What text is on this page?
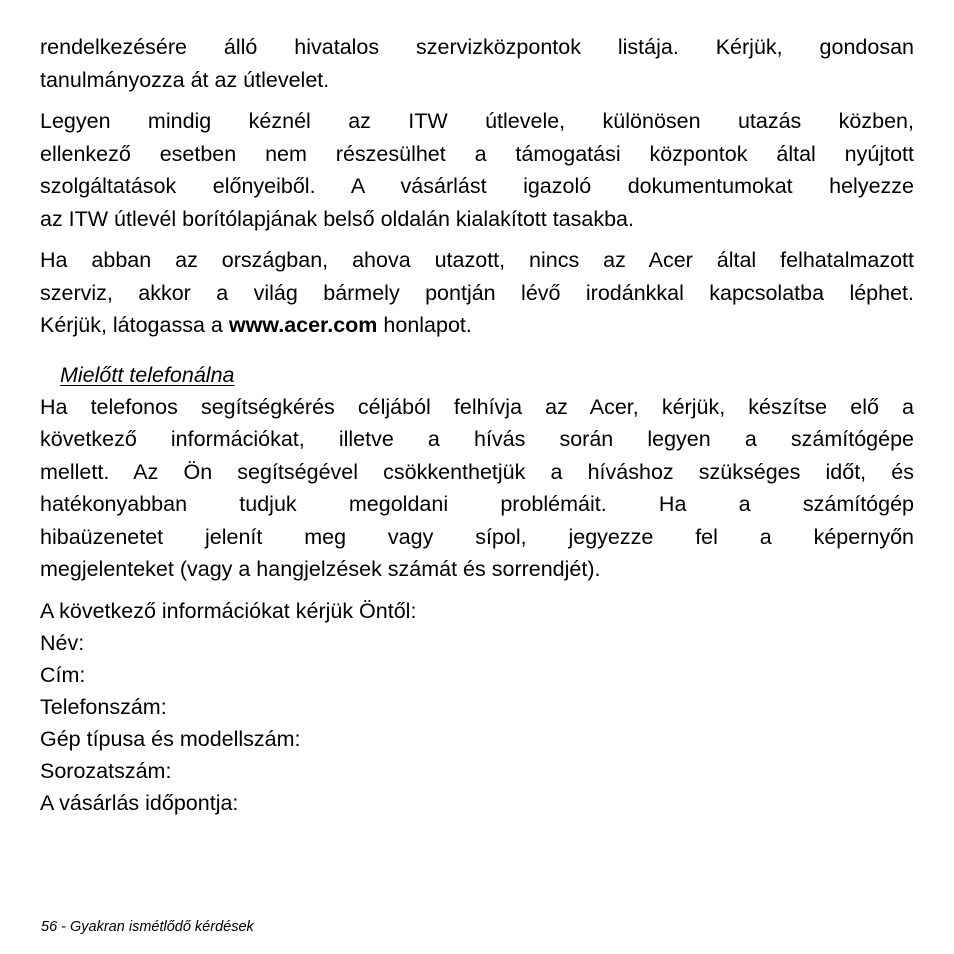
rendelkezésére álló hivatalos szervizközpontok listája. Kérjük, gondosan
tanulmányozza át az útlevelet.
Legyen mindig kéznél az ITW útlevele, különösen utazás közben,
ellenkező esetben nem részesülhet a támogatási központok által nyújtott
szolgáltatások előnyeiből. A vásárlást igazoló dokumentumokat helyezze
az ITW útlevél borítólapjának belső oldalán kialakított tasakba.
Ha abban az országban, ahova utazott, nincs az Acer által felhatalmazott
szerviz, akkor a világ bármely pontján lévő irodánkkal kapcsolatba léphet.
Kérjük, látogassa a www.acer.com honlapot.
Mielőtt telefonálna
Ha telefonos segítségkérés céljából felhívja az Acer, kérjük, készítse elő a
következő információkat, illetve a hívás során legyen a számítógépe
mellett. Az Ön segítségével csökkenthetjük a híváshoz szükséges időt, és
hatékonyabban tudjuk megoldani problémáit. Ha a számítógép
hibaüzenetet jelenít meg vagy sípol, jegyezze fel a képernyőn
megjelenteket (vagy a hangjelzések számát és sorrendjét).
A következő információkat kérjük Öntől:
Név:
Cím:
Telefonszám:
Gép típusa és modellszám:
Sorozatszám:
A vásárlás időpontja:
56 - Gyakran ismétlődő kérdések
